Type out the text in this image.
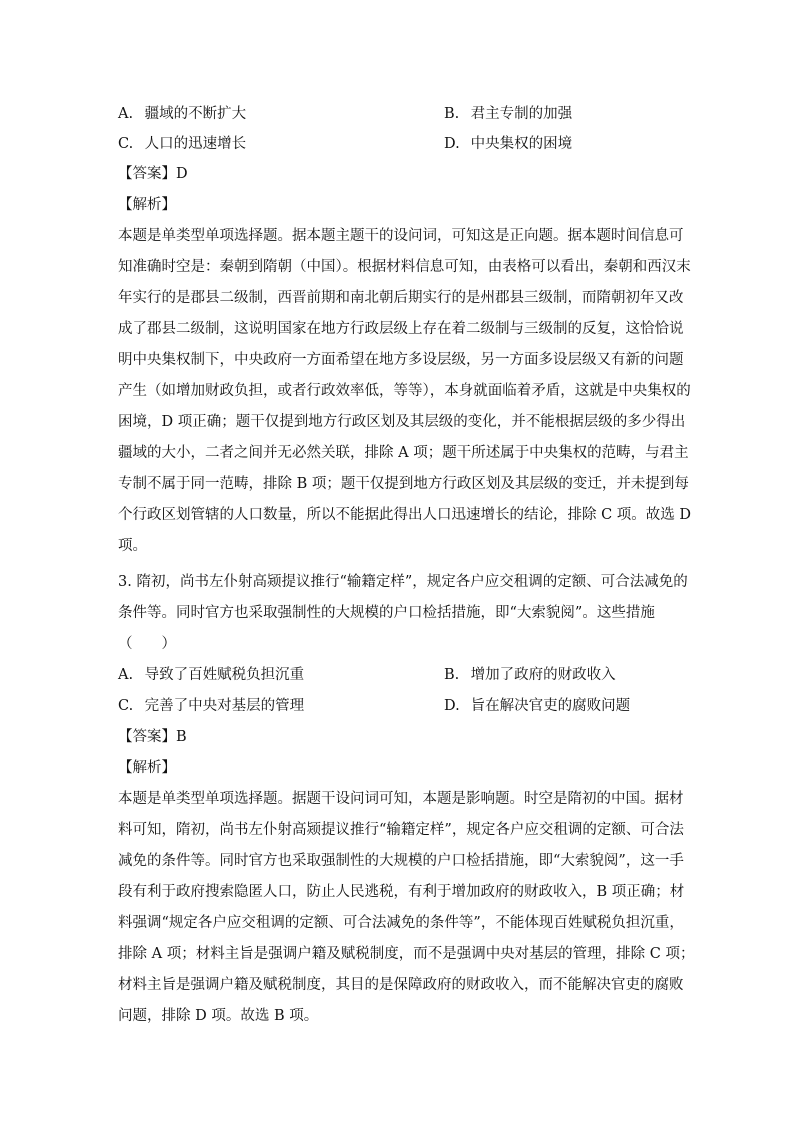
A. 疆域的不断扩大	B. 君主专制的加强
C. 人口的迅速增长	D. 中央集权的困境
【答案】D
【解析】
本题是单类型单项选择题。据本题主题干的设问词，可知这是正向题。据本题时间信息可
知准确时空是：秦朝到隋朝（中国）。根据材料信息可知，由表格可以看出，秦朝和西汉末
年实行的是郡县二级制，西晋前期和南北朝后期实行的是州郡县三级制，而隋朝初年又改
成了郡县二级制，这说明国家在地方行政层级上存在着二级制与三级制的反复，这恰恰说
明中央集权制下，中央政府一方面希望在地方多设层级，另一方面多设层级又有新的问题
产生（如增加财政负担，或者行政效率低，等等），本身就面临着矛盾，这就是中央集权的
困境，D 项正确；题干仅提到地方行政区划及其层级的变化，并不能根据层级的多少得出
疆域的大小，二者之间并无必然关联，排除 A 项；题干所述属于中央集权的范畴，与君主
专制不属于同一范畴，排除 B 项；题干仅提到地方行政区划及其层级的变迁，并未提到每
个行政区划管辖的人口数量，所以不能据此得出人口迅速增长的结论，排除 C 项。故选 D
项。
3. 隋初，尚书左仆射高颎提议推行“输籍定样”，规定各户应交租调的定额、可合法减免的
条件等。同时官方也采取强制性的大规模的户口检括措施，即“大索貌阅”。这些措施
（　　）
A. 导致了百姓赋税负担沉重	B. 增加了政府的财政收入
C. 完善了中央对基层的管理	D. 旨在解决官吏的腐败问题
【答案】B
【解析】
本题是单类型单项选择题。据题干设问词可知，本题是影响题。时空是隋初的中国。据材
料可知，隋初，尚书左仆射高颎提议推行“输籍定样”，规定各户应交租调的定额、可合法
减免的条件等。同时官方也采取强制性的大规模的户口检括措施，即“大索貌阅”，这一手
段有利于政府搜索隐匿人口，防止人民逃税，有利于增加政府的财政收入，B 项正确；材
料强调“规定各户应交租调的定额、可合法减免的条件等”，不能体现百姓赋税负担沉重，
排除 A 项；材料主旨是强调户籍及赋税制度，而不是强调中央对基层的管理，排除 C 项；
材料主旨是强调户籍及赋税制度，其目的是保障政府的财政收入，而不能解决官吏的腐败
问题，排除 D 项。故选 B 项。
